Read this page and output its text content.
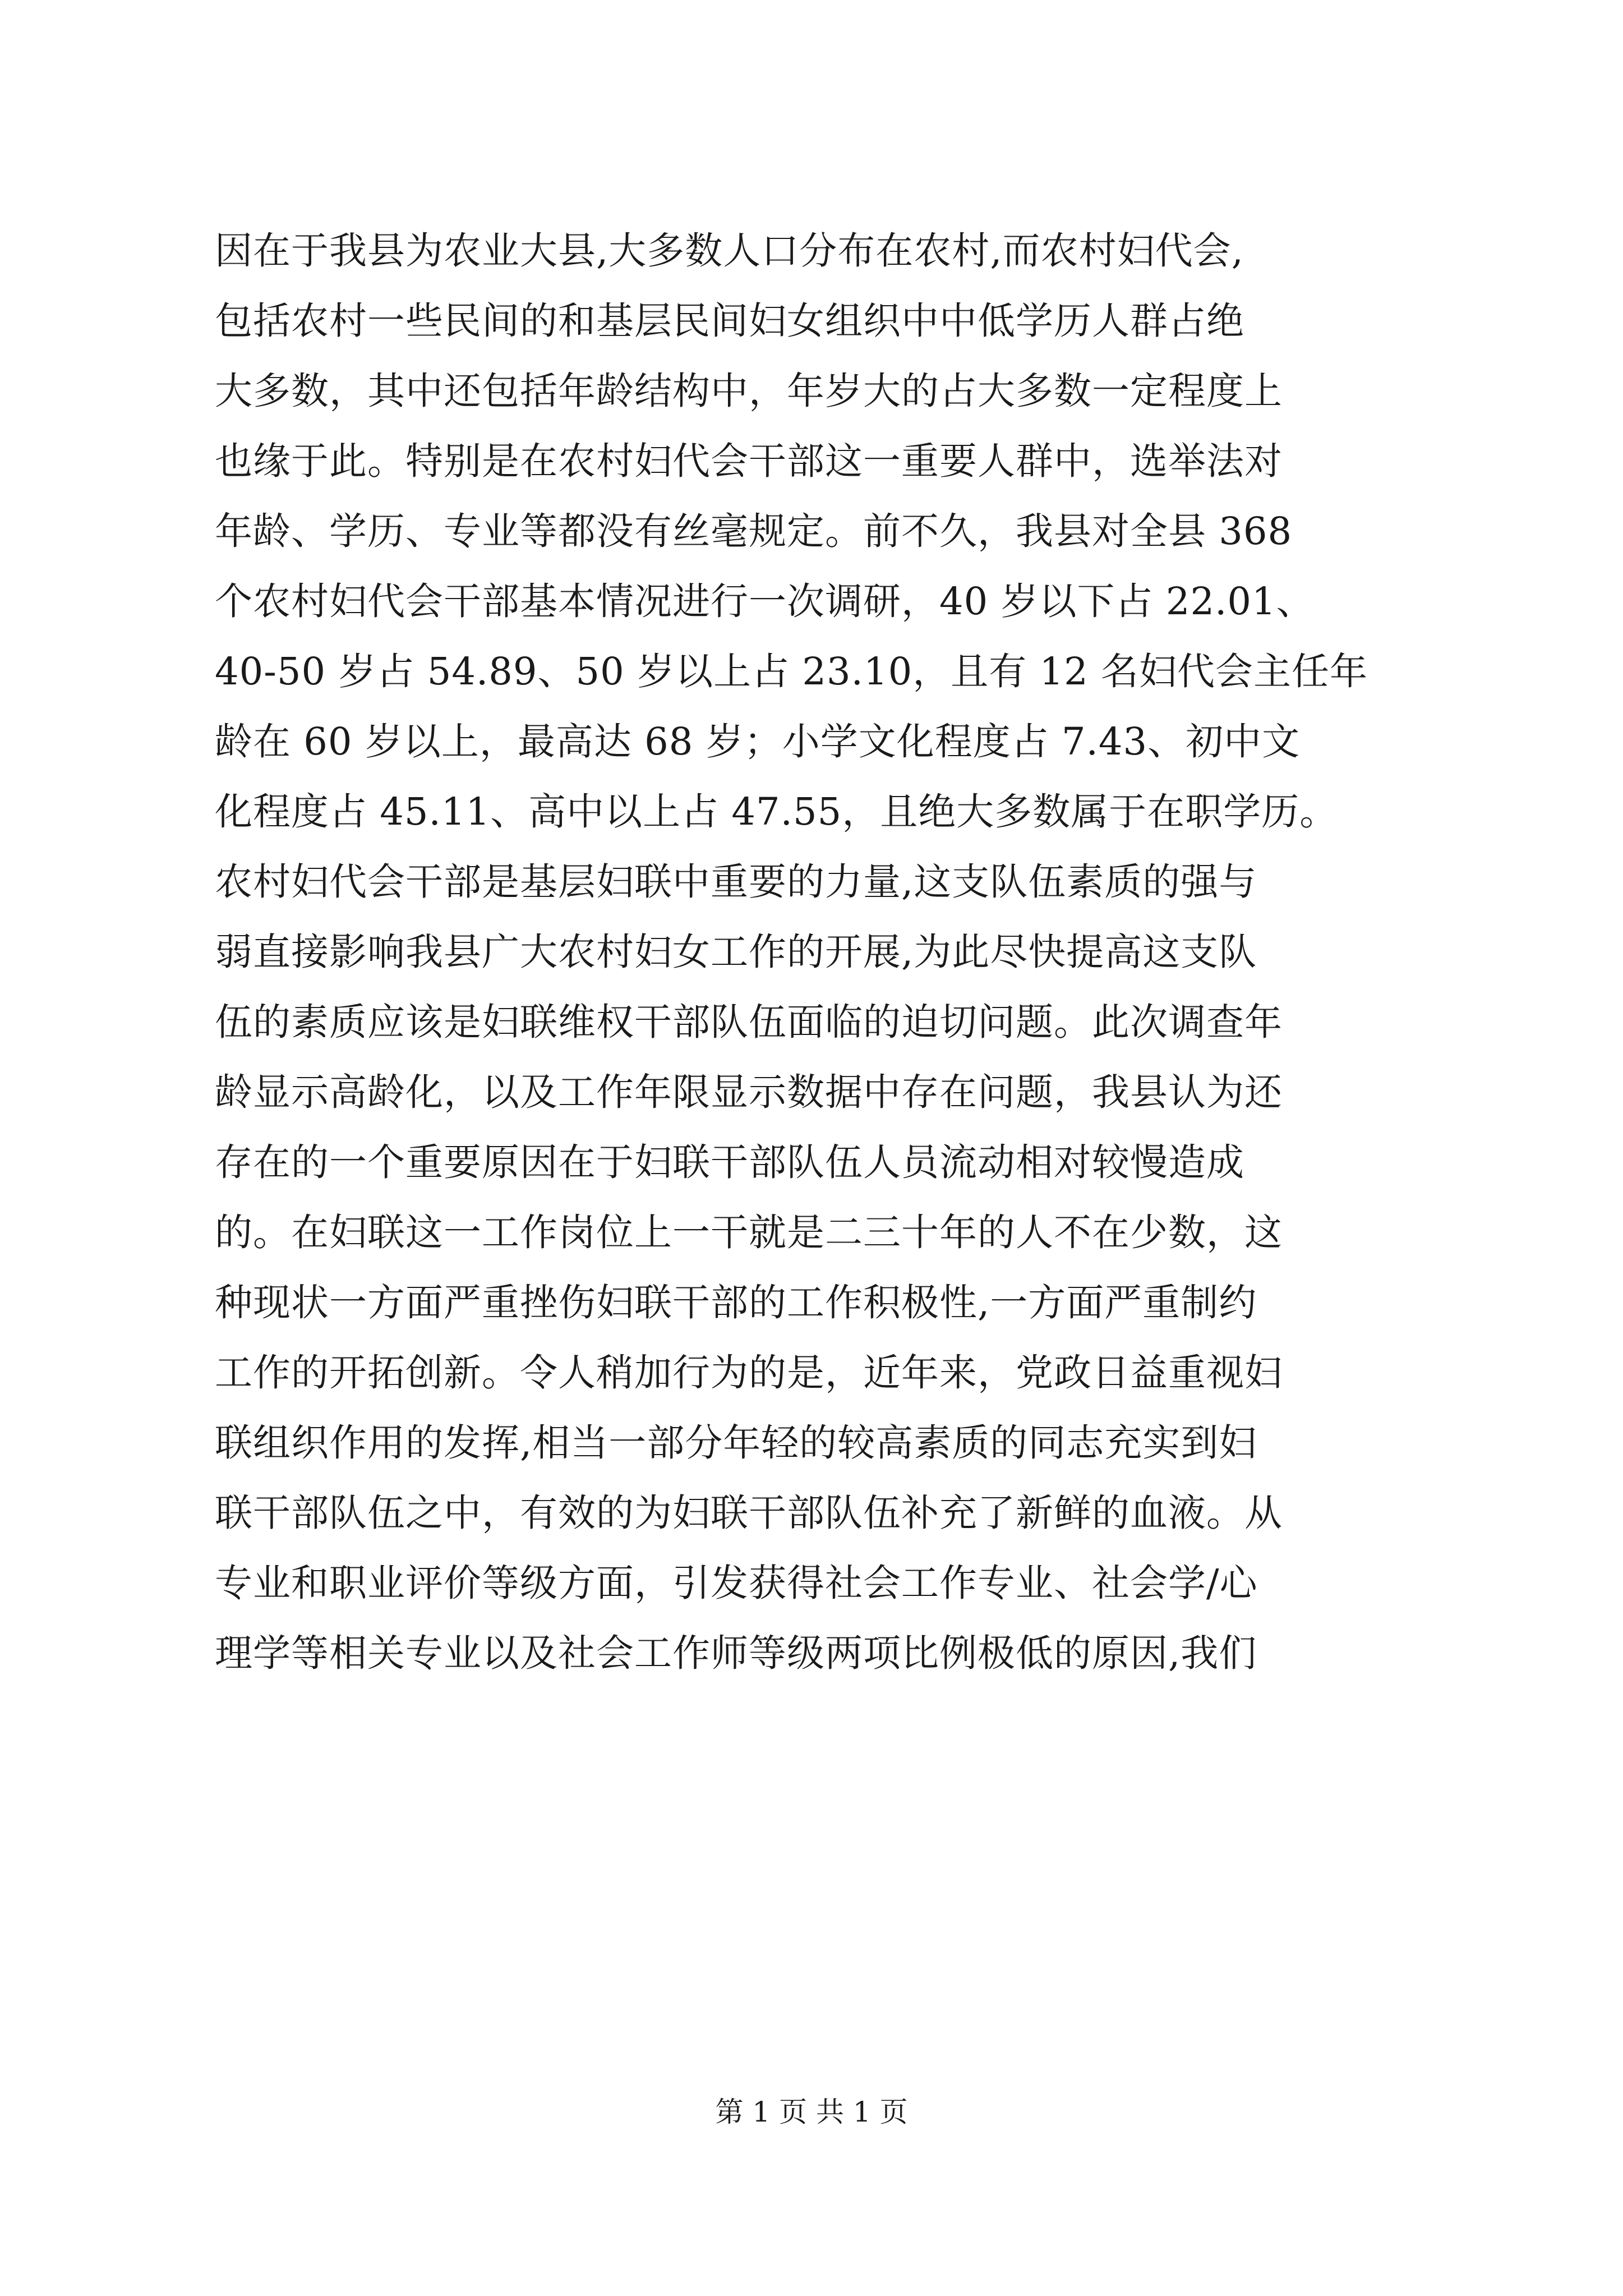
因在于我县为农业大县,大多数人口分布在农村,而农村妇代会,
包括农村一些民间的和基层民间妇女组织中中低学历人群占绝
大多数，其中还包括年龄结构中，年岁大的占大多数一定程度上
也缘于此。特别是在农村妇代会干部这一重要人群中，选举法对
年龄、学历、专业等都没有丝毫规定。前不久，我县对全县 368
个农村妇代会干部基本情况进行一次调研，40 岁以下占 22.01、
40-50 岁占 54.89、50 岁以上占 23.10，且有 12 名妇代会主任年
龄在 60 岁以上，最高达 68 岁；小学文化程度占 7.43、初中文
化程度占 45.11、高中以上占 47.55，且绝大多数属于在职学历。
农村妇代会干部是基层妇联中重要的力量,这支队伍素质的强与
弱直接影响我县广大农村妇女工作的开展,为此尽快提高这支队
伍的素质应该是妇联维权干部队伍面临的迫切问题。此次调查年
龄显示高龄化，以及工作年限显示数据中存在问题，我县认为还
存在的一个重要原因在于妇联干部队伍人员流动相对较慢造成
的。在妇联这一工作岗位上一干就是二三十年的人不在少数，这
种现状一方面严重挫伤妇联干部的工作积极性,一方面严重制约
工作的开拓创新。令人稍加行为的是，近年来，党政日益重视妇
联组织作用的发挥,相当一部分年轻的较高素质的同志充实到妇
联干部队伍之中，有效的为妇联干部队伍补充了新鲜的血液。从
专业和职业评价等级方面，引发获得社会工作专业、社会学/心
理学等相关专业以及社会工作师等级两项比例极低的原因,我们
第 1 页 共 1 页
